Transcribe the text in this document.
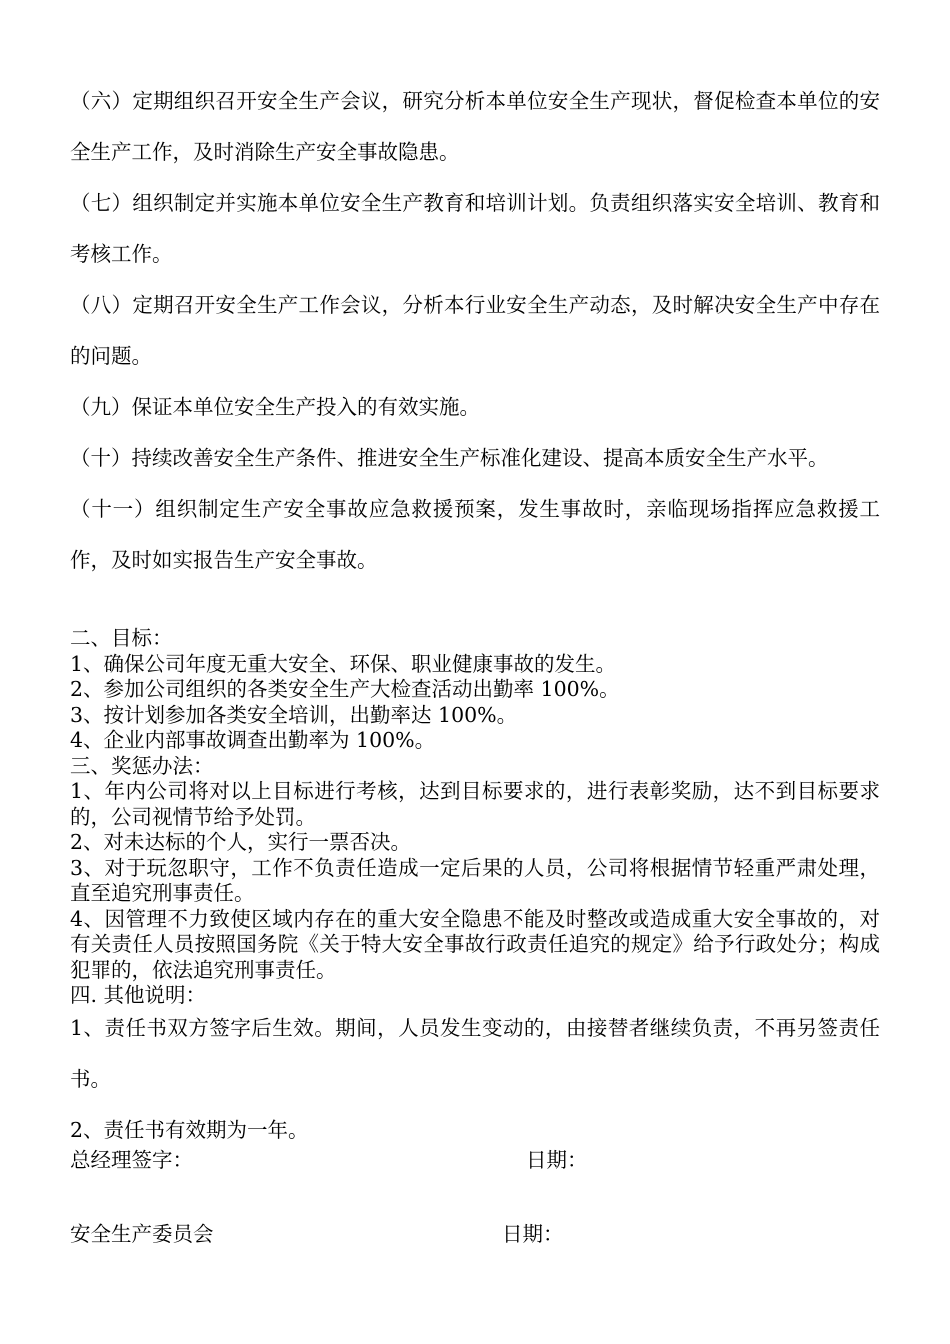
（六）定期组织召开安全生产会议，研究分析本单位安全生产现状，督促检查本单位的安全生产工作，及时消除生产安全事故隐患。

（七）组织制定并实施本单位安全生产教育和培训计划。负责组织落实安全培训、教育和考核工作。

（八）定期召开安全生产工作会议，分析本行业安全生产动态，及时解决安全生产中存在的问题。

（九）保证本单位安全生产投入的有效实施。

（十）持续改善安全生产条件、推进安全生产标准化建设、提高本质安全生产水平。

（十一）组织制定生产安全事故应急救援预案，发生事故时，亲临现场指挥应急救援工作，及时如实报告生产安全事故。

二、目标：

1、确保公司年度无重大安全、环保、职业健康事故的发生。

2、参加公司组织的各类安全生产大检查活动出勤率 100%。

3、按计划参加各类安全培训，出勤率达 100%。

4、企业内部事故调查出勤率为 100%。

三、奖惩办法：

1、年内公司将对以上目标进行考核，达到目标要求的，进行表彰奖励，达不到目标要求的，公司视情节给予处罚。

2、对未达标的个人，实行一票否决。

3、对于玩忽职守，工作不负责任造成一定后果的人员，公司将根据情节轻重严肃处理，直至追究刑事责任。

4、因管理不力致使区域内存在的重大安全隐患不能及时整改或造成重大安全事故的，对有关责任人员按照国务院《关于特大安全事故行政责任追究的规定》给予行政处分；构成犯罪的，依法追究刑事责任。

四. 其他说明：

1、责任书双方签字后生效。期间，人员发生变动的，由接替者继续负责，不再另签责任书。

2、责任书有效期为一年。

总经理签字：	日期：
安全生产委员会	日期：
